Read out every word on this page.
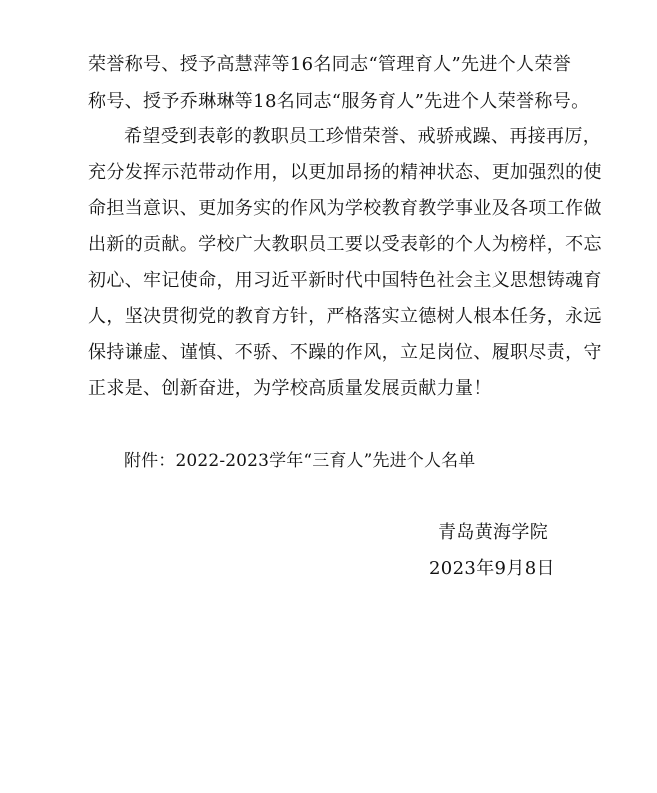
荣誉称号、授予高慧萍等16名同志“管理育人”先进个人荣誉
称号、授予乔琳琳等18名同志“服务育人”先进个人荣誉称号。
希望受到表彰的教职员工珍惜荣誉、戒骄戒躁、再接再厉，
充分发挥示范带动作用，以更加昂扬的精神状态、更加强烈的使
命担当意识、更加务实的作风为学校教育教学事业及各项工作做
出新的贡献。学校广大教职员工要以受表彰的个人为榜样，不忘
初心、牢记使命，用习近平新时代中国特色社会主义思想铸魂育
人，坚决贯彻党的教育方针，严格落实立德树人根本任务，永远
保持谦虚、谨慎、不骄、不躁的作风，立足岗位、履职尽责，守
正求是、创新奋进，为学校高质量发展贡献力量！
附件：2022-2023学年“三育人”先进个人名单
青岛黄海学院
2023年9月8日
